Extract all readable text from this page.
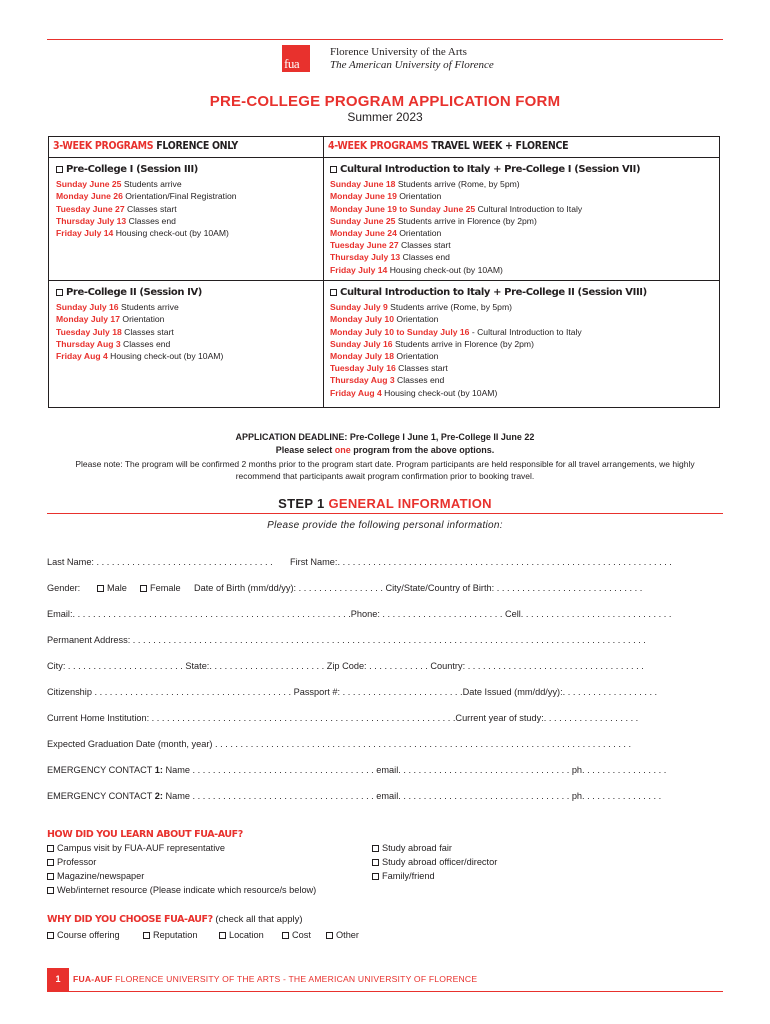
fua
Florence University of the Arts
The American University of Florence
PRE-COLLEGE PROGRAM APPLICATION FORM
Summer 2023
3-WEEK PROGRAMS FLORENCE ONLY	4-WEEK PROGRAMS TRAVEL WEEK + FLORENCE
Pre-College I (Session III)
Sunday June 25 Students arrive
Monday June 26 Orientation/Final Registration
Tuesday June 27 Classes start
Thursday July 13 Classes end
Friday July 14 Housing check-out (by 10AM)
Cultural Introduction to Italy + Pre-College I (Session VII)
Sunday June 18 Students arrive (Rome, by 5pm)
Monday June 19 Orientation
Monday June 19 to Sunday June 25 Cultural Introduction to Italy
Sunday June 25 Students arrive in Florence (by 2pm)
Monday June 24 Orientation
Tuesday June 27 Classes start
Thursday July 13 Classes end
Friday July 14 Housing check-out (by 10AM)
Pre-College II (Session IV)
Sunday July 16 Students arrive
Monday July 17 Orientation
Tuesday July 18 Classes start
Thursday Aug 3 Classes end
Friday Aug 4 Housing check-out (by 10AM)
Cultural Introduction to Italy + Pre-College II (Session VIII)
Sunday July 9 Students arrive (Rome, by 5pm)
Monday July 10 Orientation
Monday July 10 to Sunday July 16 - Cultural Introduction to Italy
Sunday July 16 Students arrive in Florence (by 2pm)
Monday July 18 Orientation
Tuesday July 16 Classes start
Thursday Aug 3 Classes end
Friday Aug 4 Housing check-out (by 10AM)
APPLICATION DEADLINE: Pre-College I June 1, Pre-College II June 22
Please select one program from the above options.
Please note: The program will be confirmed 2 months prior to the program start date. Program participants are held responsible for all travel arrangements, we highly recommend that participants await program confirmation prior to booking travel.
STEP 1 GENERAL INFORMATION
Please provide the following personal information:
Last Name: . . . . . . . . . . . . . . . . . . . . . . . . . . . . . . . . . . . First Name:. . . . . . . . . . . . . . . . . . . . . . . . . . . . . . . . . . . . . . . . . . . . . . . . . . . . . . . . . . . . . . . . . .
Gender:	Male	Female Date of Birth (mm/dd/yy): . . . . . . . . . . . . . . . . . City/State/Country of Birth: . . . . . . . . . . . . . . . . . . . . . . . . . . . . .
Email:. . . . . . . . . . . . . . . . . . . . . . . . . . . . . . . . . . . . . . . . . . . . . . . . . . . . . . .Phone: . . . . . . . . . . . . . . . . . . . . . . . . Cell. . . . . . . . . . . . . . . . . . . . . . . . . . . . . .
Permanent Address: . . . . . . . . . . . . . . . . . . . . . . . . . . . . . . . . . . . . . . . . . . . . . . . . . . . . . . . . . . . . . . . . . . . . . . . . . . . . . . . . . . . . . . . . . . . . . . . . . . . . .
City: . . . . . . . . . . . . . . . . . . . . . . . State:. . . . . . . . . . . . . . . . . . . . . . . Zip Code: . . . . . . . . . . . . Country: . . . . . . . . . . . . . . . . . . . . . . . . . . . . . . . . . . .
Citizenship . . . . . . . . . . . . . . . . . . . . . . . . . . . . . . . . . . . . . . . Passport #: . . . . . . . . . . . . . . . . . . . . . . . .Date Issued (mm/dd/yy):. . . . . . . . . . . . . . . . . . .
Current Home Institution: . . . . . . . . . . . . . . . . . . . . . . . . . . . . . . . . . . . . . . . . . . . . . . . . . . . . . . . . . . . .Current year of study:. . . . . . . . . . . . . . . . . . .
Expected Graduation Date (month, year) . . . . . . . . . . . . . . . . . . . . . . . . . . . . . . . . . . . . . . . . . . . . . . . . . . . . . . . . . . . . . . . . . . . . . . . . . . . . . . . . . .
EMERGENCY CONTACT 1: Name . . . . . . . . . . . . . . . . . . . . . . . . . . . . . . . . . . . . email. . . . . . . . . . . . . . . . . . . . . . . . . . . . . . . . . . ph. . . . . . . . . . . . . . . . .
EMERGENCY CONTACT 2: Name . . . . . . . . . . . . . . . . . . . . . . . . . . . . . . . . . . . . email. . . . . . . . . . . . . . . . . . . . . . . . . . . . . . . . . . ph. . . . . . . . . . . . . . . .
HOW DID YOU LEARN ABOUT FUA-AUF?
Campus visit by FUA-AUF representative
Professor
Magazine/newspaper
Web/internet resource (Please indicate which resource/s below)
Study abroad fair
Study abroad officer/director
Family/friend
WHY DID YOU CHOOSE FUA-AUF? (check all that apply)
Course offering	Reputation	Location	Cost	Other
1	FUA-AUF FLORENCE UNIVERSITY OF THE ARTS - THE AMERICAN UNIVERSITY OF FLORENCE
